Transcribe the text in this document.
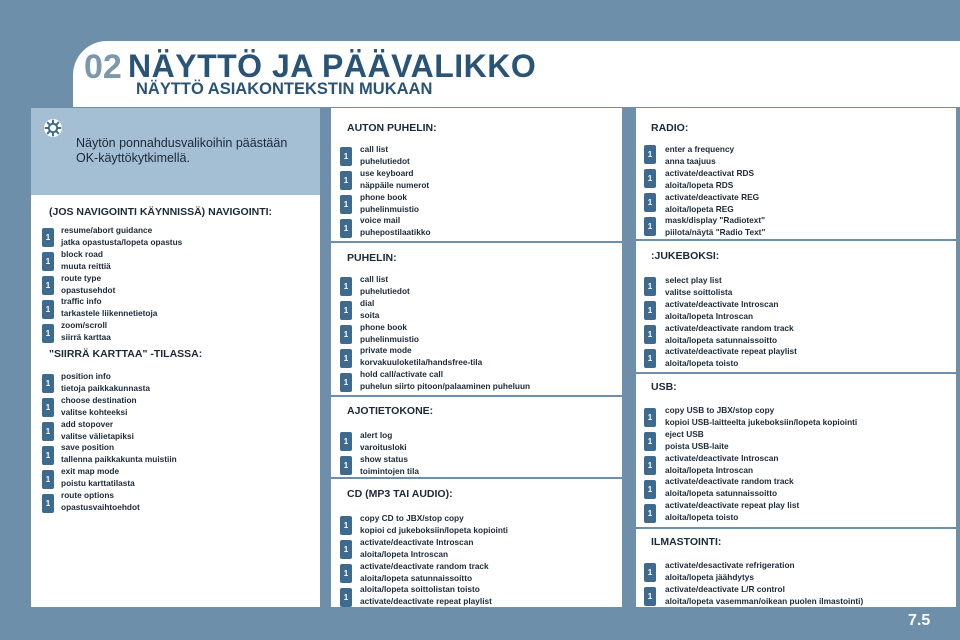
02 NÄYTTÖ JA PÄÄVALIKKO
NÄYTTÖ ASIAKONTEKSTIN MUKAAN
Näytön ponnahdusvalikoihin päästään
OK-käyttökytkimellä.
(JOS NAVIGOINTI KÄYNNISSÄ) NAVIGOINTI:
resume/abort guidance
jatka opastusta/lopeta opastus
block road
muuta reittiä
route type
opastusehdot
traffic info
tarkastele liikennetietoja
zoom/scroll
siirrä karttaa
1
1
1
1
1
"SIIRRÄ KARTTAA" -TILASSA:
position info
tietoja paikkakunnasta
choose destination
valitse kohteeksi
add stopover
valitse välietapiksi
save position
tallenna paikkakunta muistiin
exit map mode
poistu karttatilasta
route options
opastusvaihtoehdot
1
1
1
1
1
1
AUTON PUHELIN:
call list
puhelutiedot
use keyboard
näppäile numerot
phone book
puhelinmuistio
voice mail
puhepostilaatikko
1
1
1
1
PUHELIN:
call list
puhelutiedot
dial
soita
phone book
puhelinmuistio
private mode
korvakuuloketila/handsfree-tila
hold call/activate call
puhelun siirto pitoon/palaaminen puheluun
1
1
1
1
1
AJOTIETOKONE:
alert log
varoitusloki
show status
toimintojen tila
1
1
CD (MP3 TAI AUDIO):
copy CD to JBX/stop copy
kopioi cd jukeboksiin/lopeta kopiointi
activate/deactivate Introscan
aloita/lopeta Introscan
activate/deactivate random track
aloita/lopeta satunnaissoitto
aloita/lopeta soittolistan toisto
activate/deactivate repeat playlist
1
1
1
1
RADIO:
enter a frequency
anna taajuus
activate/deactivat RDS
aloita/lopeta RDS
activate/deactivate REG
aloita/lopeta REG
mask/display "Radiotext"
piilota/näytä "Radio Text"
1
1
1
1
:JUKEBOKSI:
select play list
valitse soittolista
activate/deactivate Introscan
aloita/lopeta Introscan
activate/deactivate random track
aloita/lopeta satunnaissoitto
activate/deactivate repeat playlist
aloita/lopeta toisto
1
1
1
1
USB:
copy USB to JBX/stop copy
kopioi USB-laitteelta jukeboksiin/lopeta kopiointi
eject USB
poista USB-laite
activate/deactivate Introscan
aloita/lopeta Introscan
activate/deactivate random track
aloita/lopeta satunnaissoitto
activate/deactivate repeat play list
aloita/lopeta toisto
1
1
1
1
1
ILMASTOINTI:
activate/desactivate refrigeration
aloita/lopeta jäähdytys
activate/deactivate L/R control
aloita/lopeta vasemman/oikean puolen ilmastointi)
1
1
7.5
